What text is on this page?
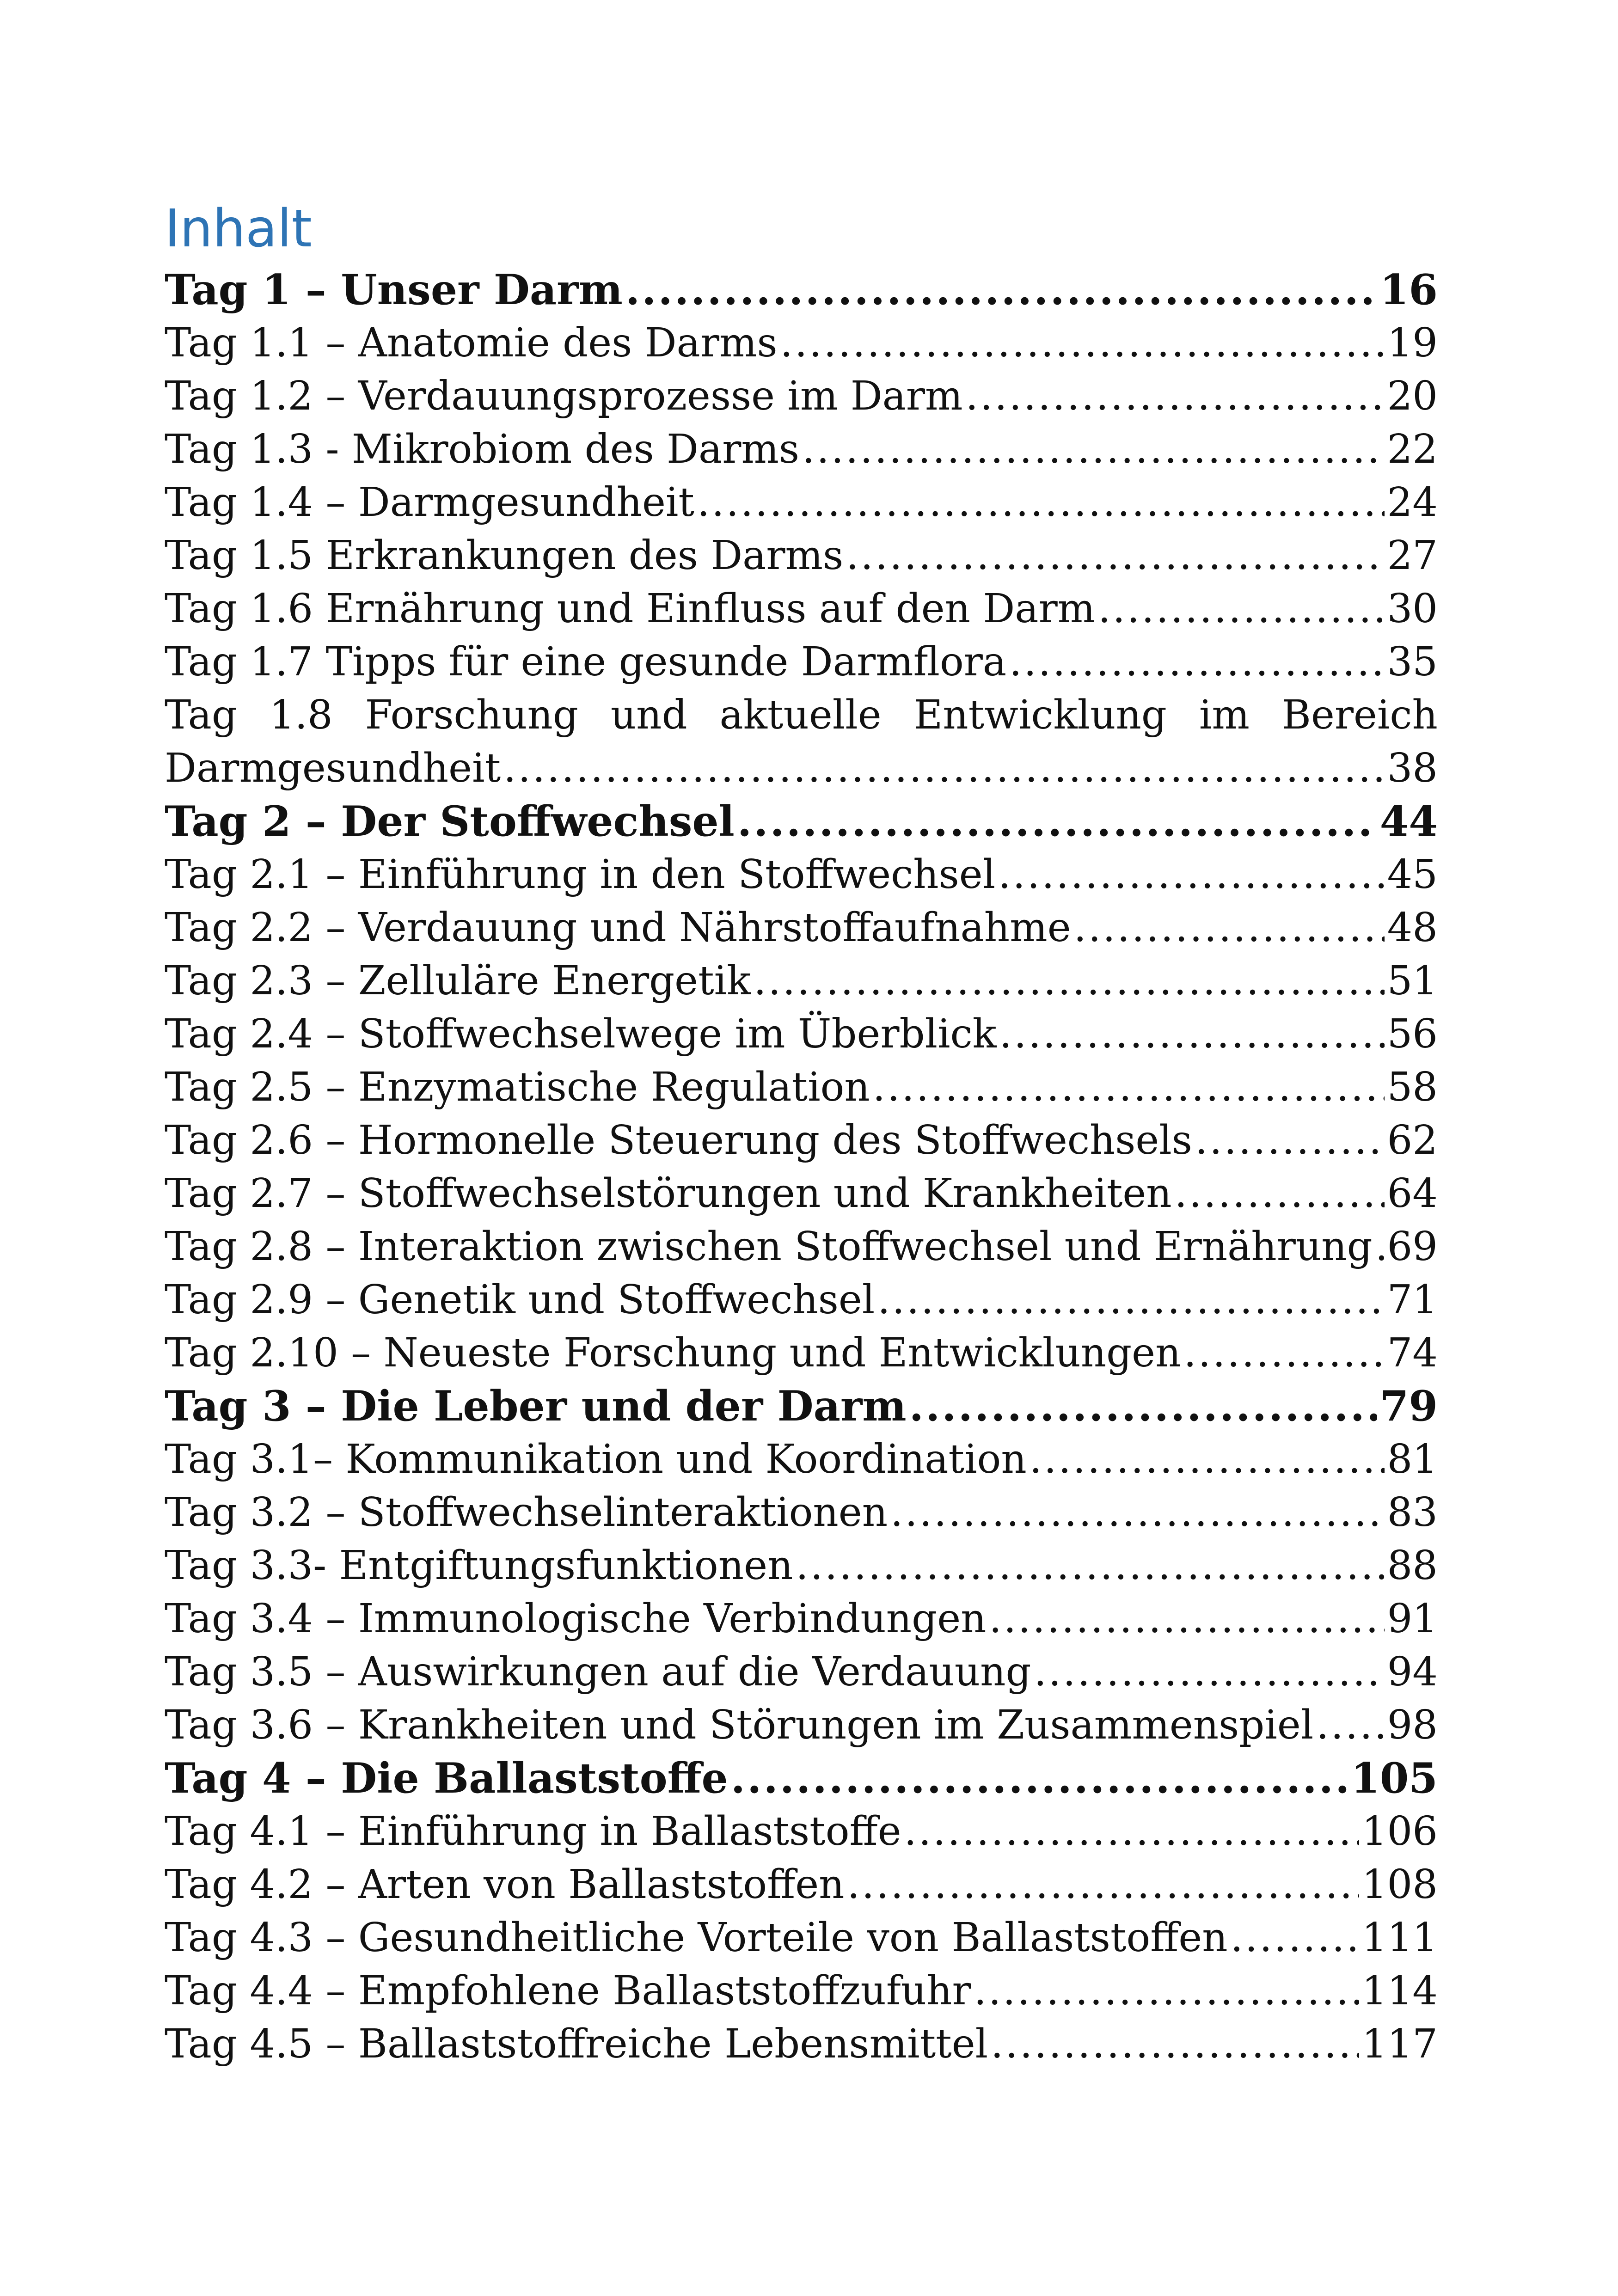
Inhalt
Tag 1 – Unser Darm .....	16
Tag 1.1 – Anatomie des Darms .....	19
Tag 1.2 – Verdauungsprozesse im Darm .....	20
Tag 1.3 - Mikrobiom des Darms .....	22
Tag 1.4 – Darmgesundheit .....	24
Tag 1.5 Erkrankungen des Darms .....	27
Tag 1.6 Ernährung und Einfluss auf den Darm .....	30
Tag 1.7 Tipps für eine gesunde Darmflora .....	35
Tag 1.8 Forschung und aktuelle Entwicklung im Bereich
Darmgesundheit .....	38
Tag 2 – Der Stoffwechsel .....	44
Tag 2.1 – Einführung in den Stoffwechsel .....	45
Tag 2.2 – Verdauung und Nährstoffaufnahme .....	48
Tag 2.3 – Zelluläre Energetik .....	51
Tag 2.4 – Stoffwechselwege im Überblick .....	56
Tag 2.5 – Enzymatische Regulation .....	58
Tag 2.6 – Hormonelle Steuerung des Stoffwechsels .....	62
Tag 2.7 – Stoffwechselstörungen und Krankheiten .....	64
Tag 2.8 – Interaktion zwischen Stoffwechsel und Ernährung ..... 69
Tag 2.9 – Genetik und Stoffwechsel .....	71
Tag 2.10 – Neueste Forschung und Entwicklungen .....	74
Tag 3 – Die Leber und der Darm .....	79
Tag 3.1– Kommunikation und Koordination .....	81
Tag 3.2 – Stoffwechselinteraktionen .....	83
Tag 3.3- Entgiftungsfunktionen .....	88
Tag 3.4 – Immunologische Verbindungen .....	91
Tag 3.5 – Auswirkungen auf die Verdauung .....	94
Tag 3.6 – Krankheiten und Störungen im Zusammenspiel ..... 98
Tag 4 – Die Ballaststoffe .....	105
Tag 4.1 – Einführung in Ballaststoffe .....	106
Tag 4.2 – Arten von Ballaststoffen .....	108
Tag 4.3 – Gesundheitliche Vorteile von Ballaststoffen .....	111
Tag 4.4 – Empfohlene Ballaststoffzufuhr .....	114
Tag 4.5 – Ballaststoffreiche Lebensmittel .....	117
